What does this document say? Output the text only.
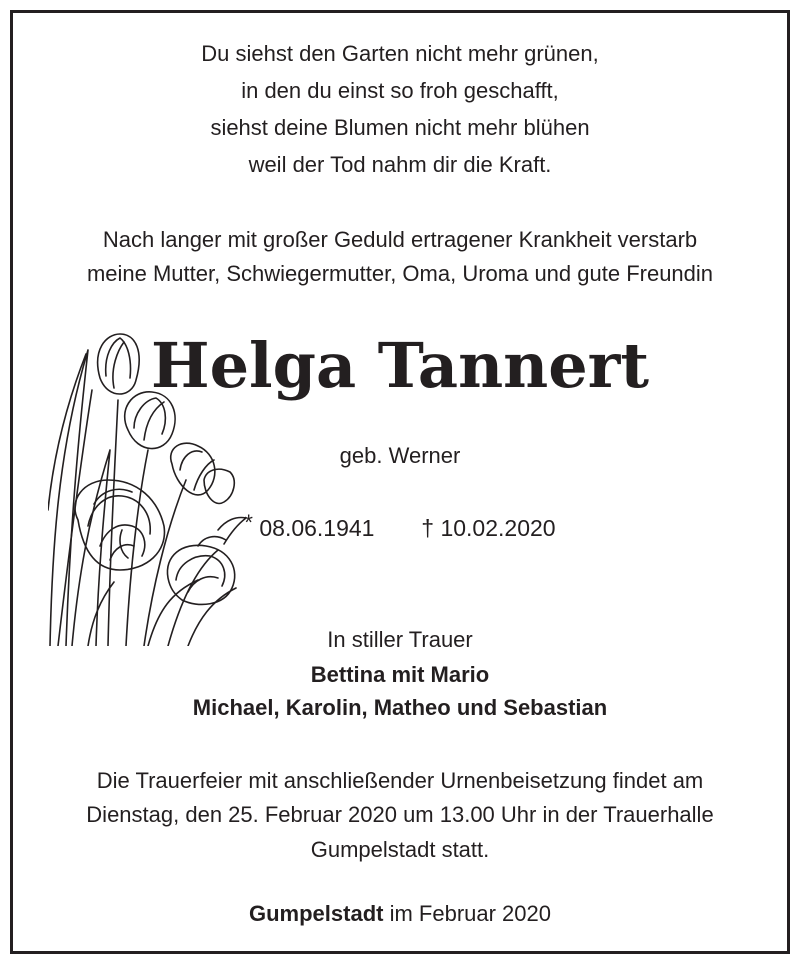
Du siehst den Garten nicht mehr grünen,
in den du einst so froh geschafft,
siehst deine Blumen nicht mehr blühen
weil der Tod nahm dir die Kraft.
Nach langer mit großer Geduld ertragener Krankheit verstarb
meine Mutter, Schwiegermutter, Oma, Uroma und gute Freundin
Helga Tannert
geb. Werner
* 08.06.1941 † 10.02.2020
In stiller Trauer
Bettina mit Mario
Michael, Karolin, Matheo und Sebastian
Die Trauerfeier mit anschließender Urnenbeisetzung findet am
Dienstag, den 25. Februar 2020 um 13.00 Uhr in der Trauerhalle
Gumpelstadt statt.
Gumpelstadt im Februar 2020
